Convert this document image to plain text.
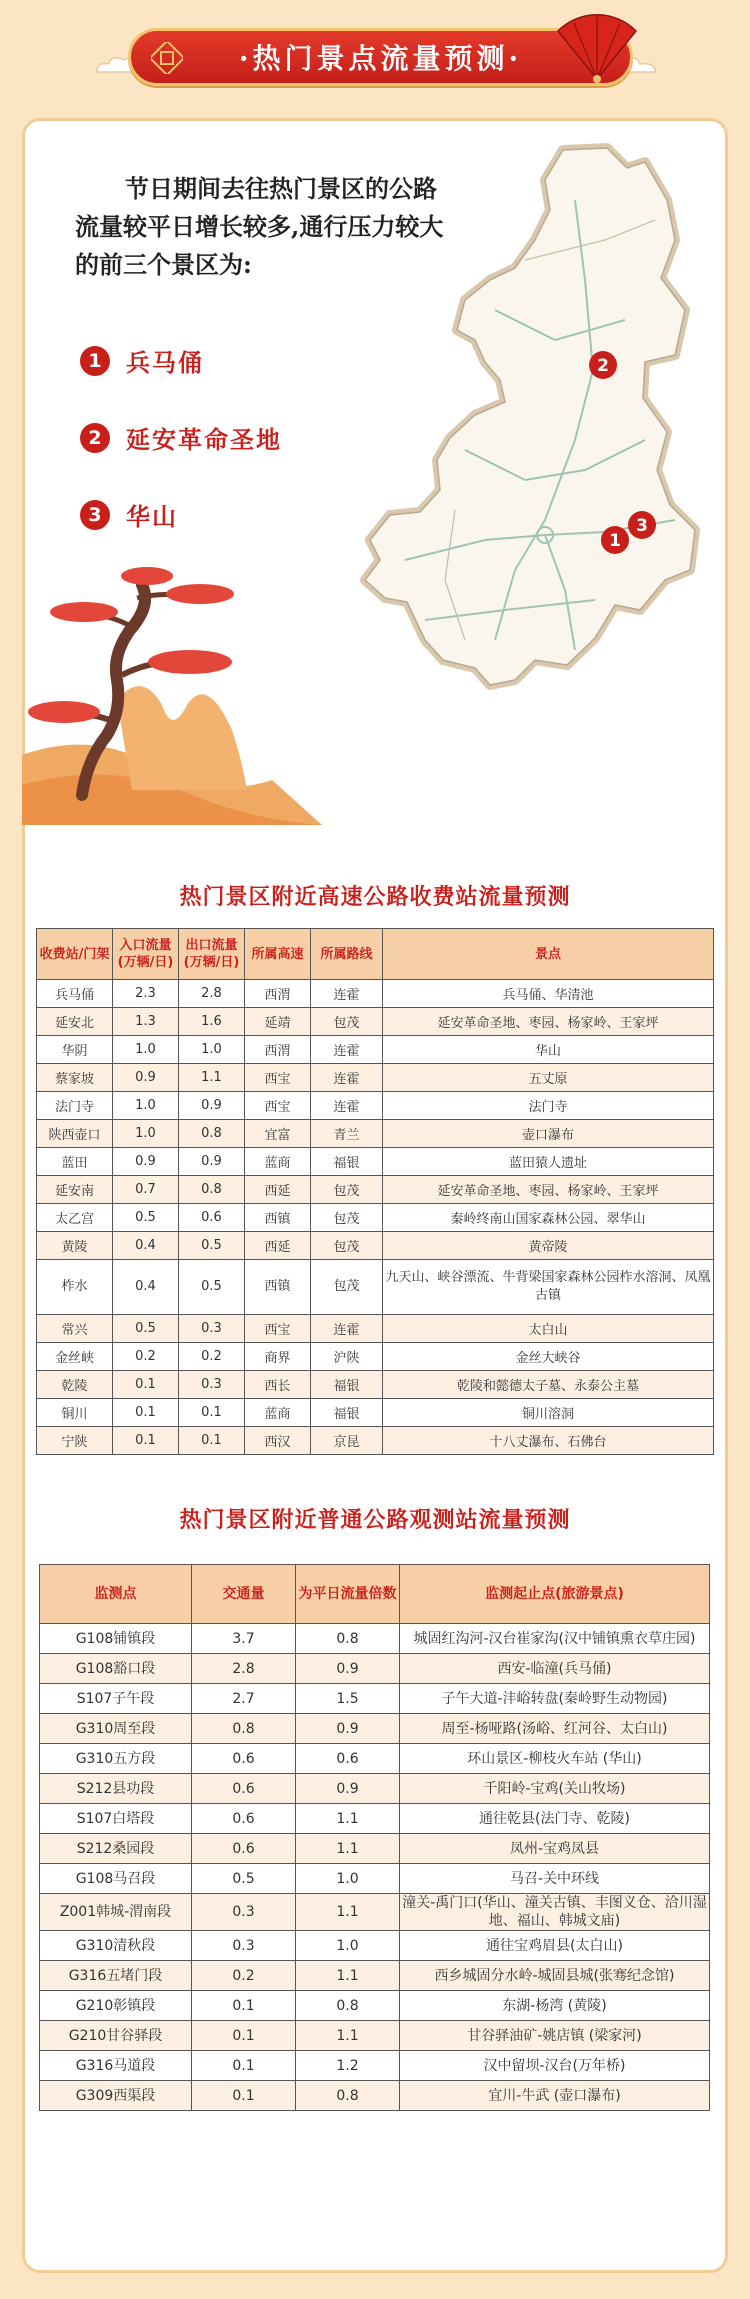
·热门景点流量预测·
节日期间去往热门景区的公路流量较平日增长较多,通行压力较大的前三个景区为:
1	兵马俑
2	延安革命圣地
3	华山
2
1
3
热门景区附近高速公路收费站流量预测
收费站/门架	入口流量(万辆/日)	出口流量(万辆/日)	所属高速	所属路线	景点
兵马俑	2.3	2.8	西渭	连霍	兵马俑、华清池
延安北	1.3	1.6	延靖	包茂	延安革命圣地、枣园、杨家岭、王家坪
华阴	1.0	1.0	西渭	连霍	华山
蔡家坡	0.9	1.1	西宝	连霍	五丈原
法门寺	1.0	0.9	西宝	连霍	法门寺
陕西壶口	1.0	0.8	宜富	青兰	壶口瀑布
蓝田	0.9	0.9	蓝商	福银	蓝田猿人遗址
延安南	0.7	0.8	西延	包茂	延安革命圣地、枣园、杨家岭、王家坪
太乙宫	0.5	0.6	西镇	包茂	秦岭终南山国家森林公园、翠华山
黄陵	0.4	0.5	西延	包茂	黄帝陵
柞水	0.4	0.5	西镇	包茂	九天山、峡谷漂流、牛背梁国家森林公园柞水溶洞、凤凰古镇
常兴	0.5	0.3	西宝	连霍	太白山
金丝峡	0.2	0.2	商界	沪陕	金丝大峡谷
乾陵	0.1	0.3	西长	福银	乾陵和懿德太子墓、永泰公主墓
铜川	0.1	0.1	蓝商	福银	铜川溶洞
宁陕	0.1	0.1	西汉	京昆	十八丈瀑布、石佛台
热门景区附近普通公路观测站流量预测
监测点	交通量	为平日流量倍数	监测起止点(旅游景点)
G108铺镇段	3.7	0.8	城固红沟河-汉台崔家沟(汉中铺镇熏衣草庄园)
G108豁口段	2.8	0.9	西安-临潼(兵马俑)
S107子午段	2.7	1.5	子午大道-沣峪转盘(秦岭野生动物园)
G310周至段	0.8	0.9	周至-杨哑路(汤峪、红河谷、太白山)
G310五方段	0.6	0.6	环山景区-柳枝火车站 (华山)
S212县功段	0.6	0.9	千阳岭-宝鸡(关山牧场)
S107白塔段	0.6	1.1	通往乾县(法门寺、乾陵)
S212桑园段	0.6	1.1	凤州-宝鸡凤县
G108马召段	0.5	1.0	马召-关中环线
Z001韩城-渭南段	0.3	1.1	潼关-禹门口(华山、潼关古镇、丰图义仓、洽川湿地、福山、韩城文庙)
G310清秋段	0.3	1.0	通往宝鸡眉县(太白山)
G316五堵门段	0.2	1.1	西乡城固分水岭-城固县城(张骞纪念馆)
G210彰镇段	0.1	0.8	东湖-杨湾 (黄陵)
G210甘谷驿段	0.1	1.1	甘谷驿油矿-姚店镇 (梁家河)
G316马道段	0.1	1.2	汉中留坝-汉台(万年桥)
G309西渠段	0.1	0.8	宜川-牛武 (壶口瀑布)
